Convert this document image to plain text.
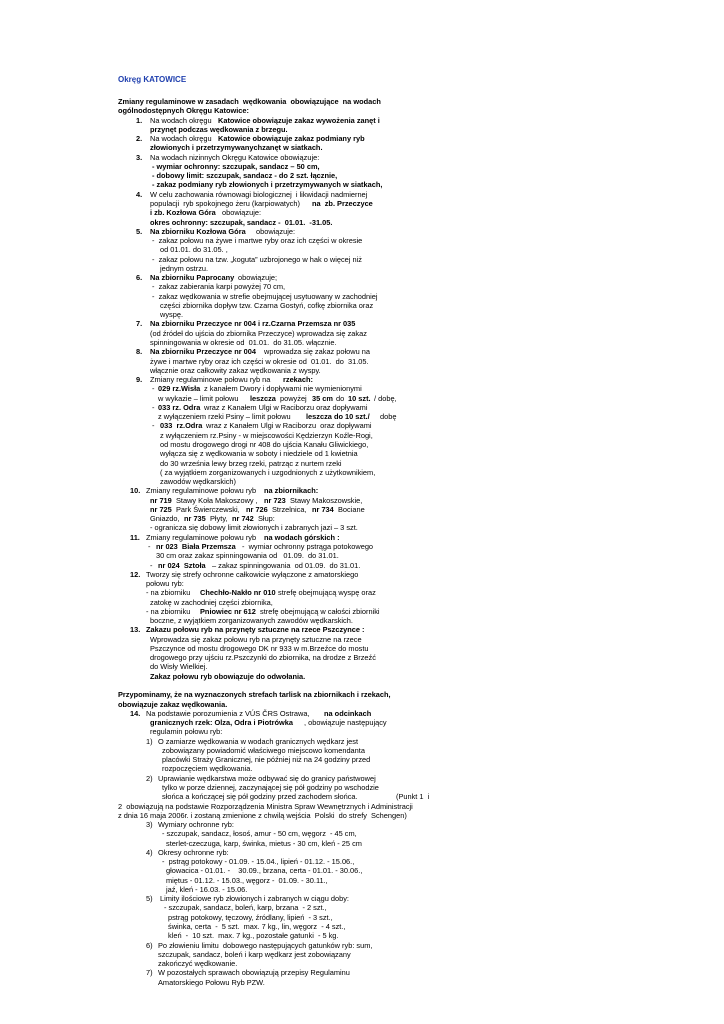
Okręg KATOWICE
Zmiany regulaminowe w zasadach  wędkowania  obowiązujące  na wodach
ogólnodostępnych Okręgu Katowice:
1. Na wodach okręgu Katowice obowiązuje zakaz wywożenia zanęt i
przynęt podczas wędkowania z brzegu.
2. Na wodach okręgu Katowice obowiązuje zakaz podmiany ryb
złowionych i przetrzymywanychzanęt w siatkach.
3. Na wodach nizinnych Okręgu Katowice obowiązuje:
- wymiar ochronny: szczupak, sandacz – 50 cm,
- dobowy limit: szczupak, sandacz - do 2 szt. łącznie,
- zakaz podmiany ryb złowionych i przetrzymywanych w siatkach,
4. W celu zachowania równowagi biologicznej  i likwidacji nadmiernej
populacji  ryb spokojnego żeru (karpiowatych) na  zb. Przeczyce
i zb. Kozłowa Góra obowiązuje:
okres ochronny: szczupak, sandacz -  01.01.  -31.05.
5. Na zbiorniku Kozłowa Góra obowiązuje:
-  zakaz połowu na żywe i martwe ryby oraz ich części w okresie
od 01.01. do 31.05. ,
-  zakaz połowu na tzw. „koguta” uzbrojonego w hak o więcej niż
jednym ostrzu.
6. Na zbiorniku Paprocany obowiązuje;
-  zakaz zabierania karpi powyżej 70 cm,
-  zakaz wędkowania w strefie obejmującej usytuowany w zachodniej
części zbiornika dopływ tzw. Czarna Gostyń, cofkę zbiornika oraz
wyspę.
7. Na zbiorniku Przeczyce nr 004 i rz.Czarna Przemsza nr 035
(od źródeł do ujścia do zbiornika Przeczyce) wprowadza się zakaz
spinningowania w okresie od  01.01.  do 31.05. włącznie.
8. Na zbiorniku Przeczyce nr 004 wprowadza się zakaz połowu na
żywe i martwe ryby oraz ich części w okresie od  01.01.  do  31.05.
włącznie oraz całkowity zakaz wędkowania z wyspy.
9. Zmiany regulaminowe połowu ryb na rzekach:
- 029 rz.Wisła z kanałem Dwory i dopływami nie wymienionymi
w wykazie – limit połowu leszcza powyżej 35 cm do 10 szt. / dobę,
- 033 rz. Odra wraz z Kanałem Ulgi w Raciborzu oraz dopływami
z wyłączeniem rzeki Psiny – limit połowu leszcza do 10 szt./ dobę
- 033  rz.Odra wraz z Kanałem Ulgi w Raciborzu  oraz dopływami
z wyłączeniem rz.Psiny - w miejscowości Kędzierzyn Koźle-Rogi,
od mostu drogowego drogi nr 408 do ujścia Kanału Gliwickiego,
wyłącza się z wędkowania w soboty i niedziele od 1 kwietnia
do 30 września lewy brzeg rzeki, patrząc z nurtem rzeki
( za wyjątkiem zorganizowanych i uzgodnionych z użytkownikiem,
zawodów wędkarskich)
10. Zmiany regulaminowe połowu ryb na zbiornikach:
nr 719 Stawy Koła Makoszowy , nr 723 Stawy Makoszowskie,
nr 725 Park Świerczewski, nr 726 Strzelnica, nr 734 Bociane
Gniazdo, nr 735 Płyty, nr 742 Słup:
- ogranicza się dobowy limit złowionych i zabranych jazi – 3 szt.
11. Zmiany regulaminowe połowu ryb na wodach górskich :
- nr 023  Biała Przemsza -  wymiar ochronny pstrąga potokowego
30 cm oraz zakaz spinningowania od   01.09.  do 31.01.
- nr 024  Sztoła – zakaz spinningowania  od 01.09.  do 31.01.
12. Tworzy się strefy ochronne całkowicie wyłączone z amatorskiego
połowu ryb:
- na zbiorniku Chechło-Nakło nr 010 strefę obejmującą wyspę oraz
zatokę w zachodniej części zbiornika,
- na zbiorniku Pniowiec nr 612 strefę obejmującą w całości zbiorniki
boczne, z wyjątkiem zorganizowanych zawodów wędkarskich.
13. Zakazu połowu ryb na przynęty sztuczne na rzece Pszczynce :
Wprowadza się zakaz połowu ryb na przynęty sztuczne na rzece
Pszczynce od mostu drogowego DK nr 933 w m.Brzeźce do mostu
drogowego przy ujściu rz.Pszczynki do zbiornika, na drodze z Brzeźć
do Wisły Wielkiej.
Zakaz połowu ryb obowiązuje do odwołania.
Przypominamy, że na wyznaczonych strefach tarlisk na zbiornikach i rzekach,
obowiązuje zakaz wędkowania.
14. Na podstawie porozumienia z VÚS ČRS Ostrawa, na odcinkach
granicznych rzek: Olza, Odra i Piotrówka , obowiązuje następujący
regulamin połowu ryb:
1) O zamiarze wędkowania w wodach granicznych wędkarz jest
zobowiązany powiadomić właściwego miejscowo komendanta
placówki Straży Granicznej, nie później niż na 24 godziny przed
rozpoczęciem wędkowania.
2) Uprawianie wędkarstwa może odbywać się do granicy państwowej
tylko w porze dziennej, zaczynającej się pół godziny po wschodzie
słońca a kończącej się pół godziny przed zachodem słońca.	(Punkt 1  i
2  obowiązują na podstawie Rozporządzenia Ministra Spraw Wewnętrznych i Administracji
z dnia 16 maja 2006r. i zostaną zmienione z chwilą wejścia  Polski  do strefy  Schengen)
3) Wymiary ochronne ryb:
- szczupak, sandacz, łosoś, amur - 50 cm, węgorz  - 45 cm,
sterlet-czeczuga, karp, świnka, mietus - 30 cm, kleń - 25 cm
4) Okresy ochronne ryb:
-  pstrąg potokowy - 01.09. - 15.04., lipień - 01.12. - 15.06.,
głowacica - 01.01. -    30.09., brzana, certa - 01.01. - 30.06.,
miętus - 01.12. - 15.03., węgorz -  01.09. - 30.11.,
jaź, kleń - 16.03. - 15.06.
5) Limity ilościowe ryb złowionych i zabranych w ciągu doby:
- szczupak, sandacz, boleń, karp, brzana  - 2 szt.,
pstrąg potokowy, tęczowy, źródlany, lipień  - 3 szt.,
świnka, certa  -  5 szt.  max. 7 kg., lin, węgorz  - 4 szt.,
kleń  -  10 szt.  max. 7 kg., pozostałe gatunki  - 5 kg.
6) Po złowieniu limitu  dobowego następujących gatunków ryb: sum,
szczupak, sandacz, boleń i karp wędkarz jest zobowiązany
zakończyć wędkowanie.
7) W pozostałych sprawach obowiązują przepisy Regulaminu
Amatorskiego Połowu Ryb PZW.
